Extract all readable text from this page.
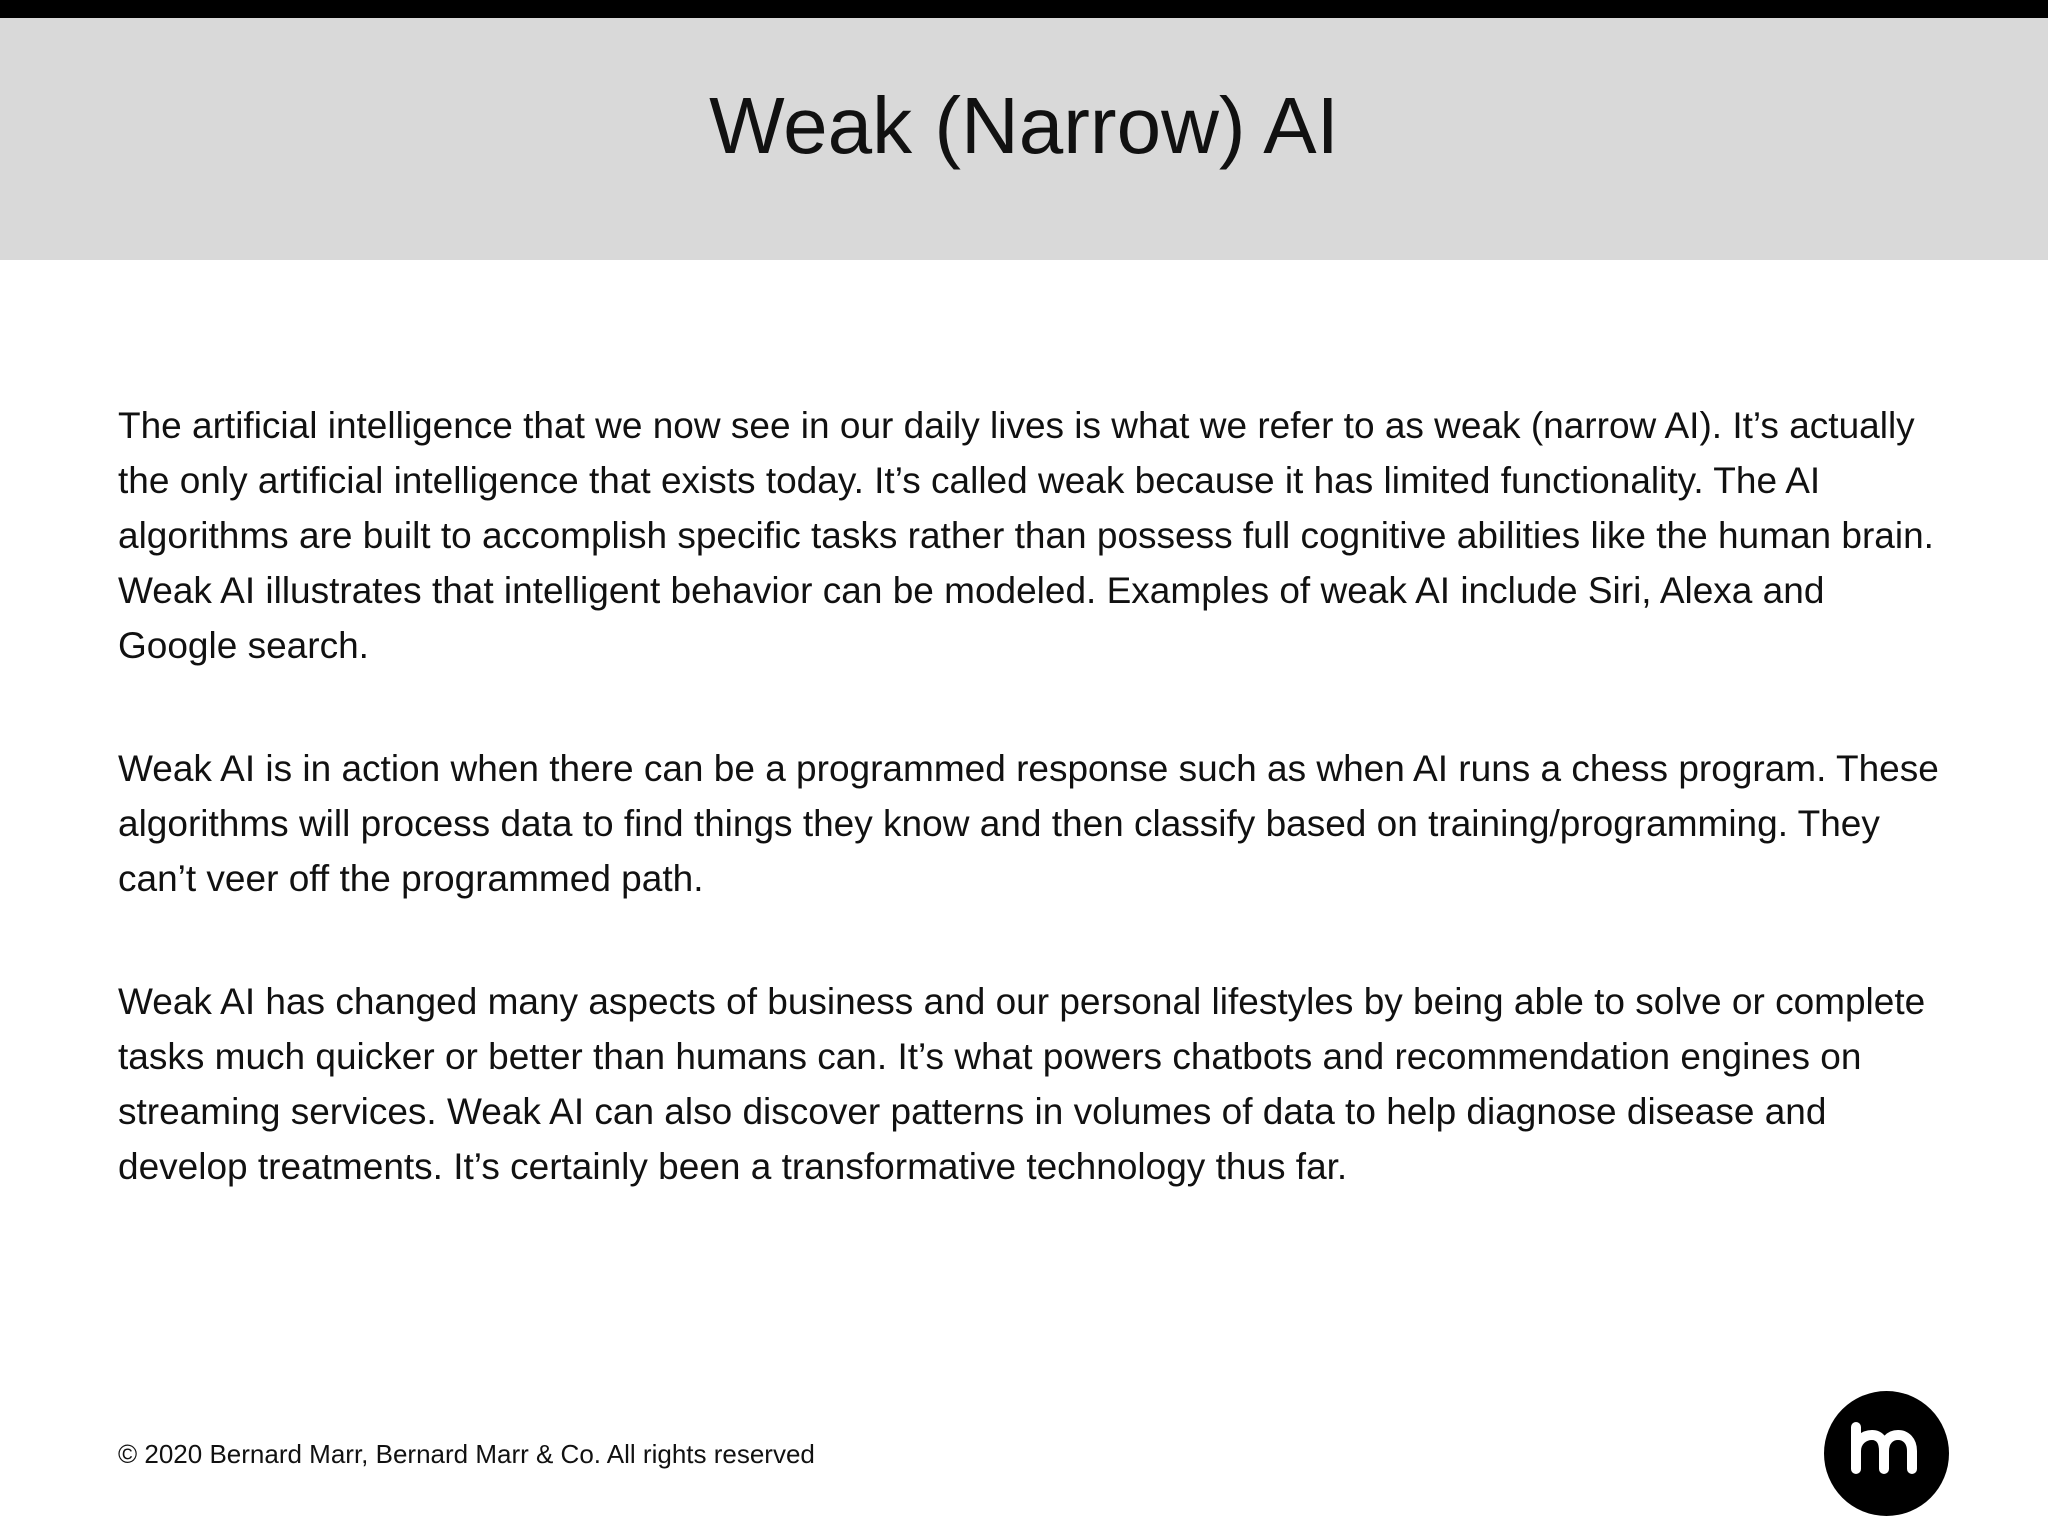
Weak (Narrow) AI

The artificial intelligence that we now see in our daily lives is what we refer to as weak (narrow AI). It’s actually the only artificial intelligence that exists today. It’s called weak because it has limited functionality. The AI algorithms are built to accomplish specific tasks rather than possess full cognitive abilities like the human brain. Weak AI illustrates that intelligent behavior can be modeled. Examples of weak AI include Siri, Alexa and Google search.

Weak AI is in action when there can be a programmed response such as when AI runs a chess program. These algorithms will process data to find things they know and then classify based on training/programming. They can’t veer off the programmed path.

Weak AI has changed many aspects of business and our personal lifestyles by being able to solve or complete tasks much quicker or better than humans can. It’s what powers chatbots and recommendation engines on streaming services. Weak AI can also discover patterns in volumes of data to help diagnose disease and develop treatments. It’s certainly been a transformative technology thus far.

© 2020 Bernard Marr, Bernard Marr & Co. All rights reserved
